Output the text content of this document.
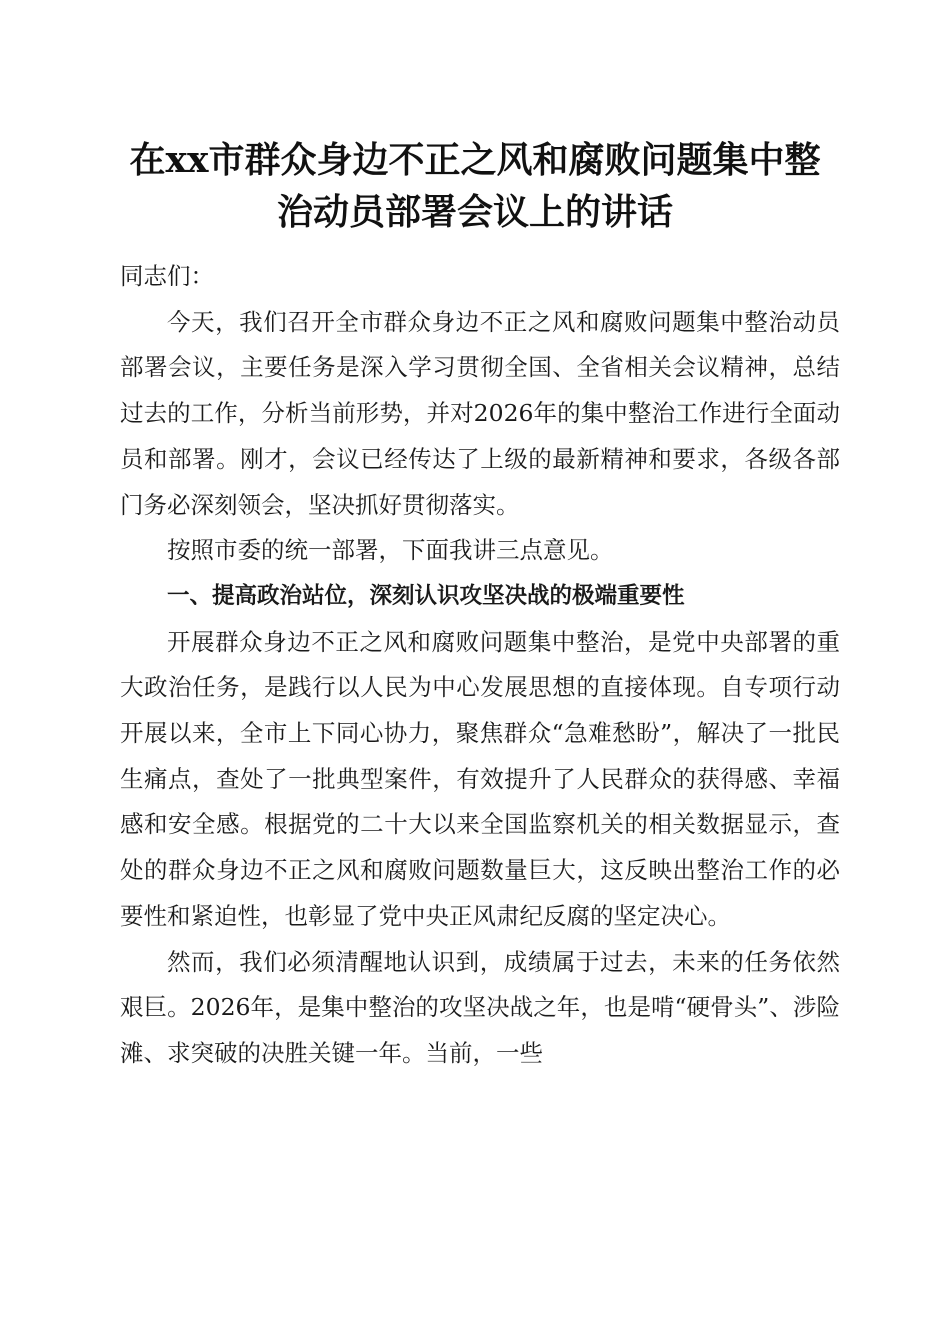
在xx市群众身边不正之风和腐败问题集中整
治动员部署会议上的讲话

同志们：

今天，我们召开全市群众身边不正之风和腐败问题集中整治动员部署会议，主要任务是深入学习贯彻全国、全省相关会议精神，总结过去的工作，分析当前形势，并对2026年的集中整治工作进行全面动员和部署。刚才，会议已经传达了上级的最新精神和要求，各级各部门务必深刻领会，坚决抓好贯彻落实。

按照市委的统一部署，下面我讲三点意见。

一、提高政治站位，深刻认识攻坚决战的极端重要性

开展群众身边不正之风和腐败问题集中整治，是党中央部署的重大政治任务，是践行以人民为中心发展思想的直接体现。自专项行动开展以来，全市上下同心协力，聚焦群众“急难愁盼”，解决了一批民生痛点，查处了一批典型案件，有效提升了人民群众的获得感、幸福感和安全感。根据党的二十大以来全国监察机关的相关数据显示，查处的群众身边不正之风和腐败问题数量巨大，这反映出整治工作的必要性和紧迫性，也彰显了党中央正风肃纪反腐的坚定决心。

然而，我们必须清醒地认识到，成绩属于过去，未来的任务依然艰巨。2026年，是集中整治的攻坚决战之年，也是啃“硬骨头”、涉险滩、求突破的决胜关键一年。当前，一些
